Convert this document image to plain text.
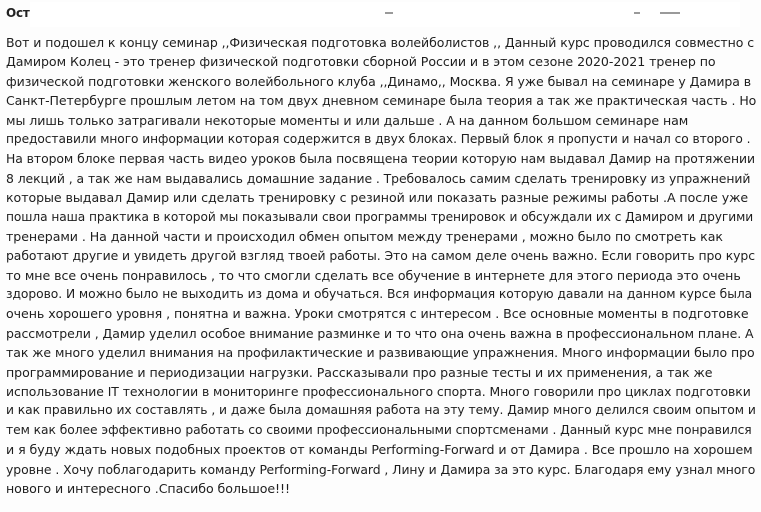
Ост
Вот и подошел к концу семинар ,,Физическая подготовка волейболистов ,, Данный курс проводился совместно с
Дамиром Колец - это тренер физической подготовки сборной России и в этом сезоне 2020-2021 тренер по
физической подготовки женского волейбольного клуба ,,Динамо,, Москва. Я уже бывал на семинаре у Дамира в
Санкт-Петербурге прошлым летом на том двух дневном семинаре была теория а так же практическая часть . Но
мы лишь только затрагивали некоторые моменты и или дальше . А на данном большом семинаре нам
предоставили много информации которая содержится в двух блоках. Первый блок я пропусти и начал со второго .
На втором блоке первая часть видео уроков была посвящена теории которую нам выдавал Дамир на протяжении
8 лекций , а так же нам выдавались домашние задание . Требовалось самим сделать тренировку из упражнений
которые выдавал Дамир или сделать тренировку с резиной или показать разные режимы работы .А после уже
пошла наша практика в которой мы показывали свои программы тренировок и обсуждали их с Дамиром и другими
тренерами . На данной части и происходил обмен опытом между тренерами , можно было по смотреть как
работают другие и увидеть другой взгляд твоей работы. Это на самом деле очень важно. Если говорить про курс
то мне все очень понравилось , то что смогли сделать все обучение в интернете для этого периода это очень
здорово. И можно было не выходить из дома и обучаться. Вся информация которую давали на данном курсе была
очень хорошего уровня , понятна и важна. Уроки смотрятся с интересом . Все основные моменты в подготовке
рассмотрели , Дамир уделил особое внимание разминке и то что она очень важна в профессиональном плане. А
так же много уделил внимания на профилактические и развивающие упражнения. Много информации было про
программирование и периодизации нагрузки. Рассказывали про разные тесты и их применения, а так же
использование IT технологии в мониторинге профессионального спорта. Много говорили про циклах подготовки
и как правильно их составлять , и даже была домашняя работа на эту тему. Дамир много делился своим опытом и
тем как более эффективно работать со своими профессиональными спортсменами . Данный курс мне понравился
и я буду ждать новых подобных проектов от команды Performing-Forward и от Дамира . Все прошло на хорошем
уровне . Хочу поблагодарить команду Performing-Forward , Лину и Дамира за это курс. Благодаря ему узнал много
нового и интересного .Спасибо большое!!!
